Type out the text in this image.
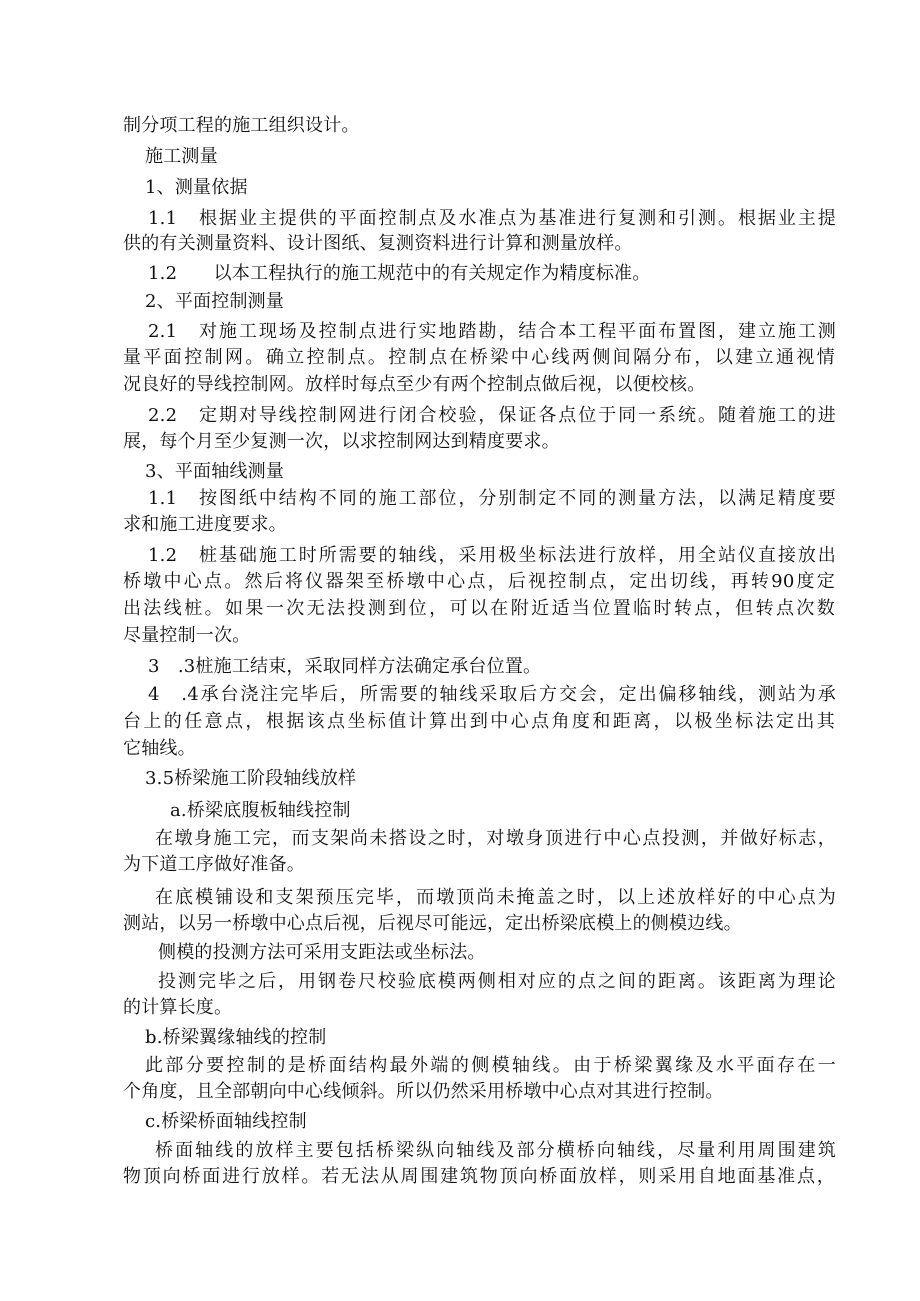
制分项工程的施工组织设计。
施工测量
1、测量依据
1.1　根据业主提供的平面控制点及水准点为基准进行复测和引测。根据业主提
供的有关测量资料、设计图纸、复测资料进行计算和测量放样。
1.2　　以本工程执行的施工规范中的有关规定作为精度标准。
2、平面控制测量
2.1　对施工现场及控制点进行实地踏勘，结合本工程平面布置图，建立施工测
量平面控制网。确立控制点。控制点在桥梁中心线两侧间隔分布，以建立通视情
况良好的导线控制网。放样时每点至少有两个控制点做后视，以便校核。
2.2　定期对导线控制网进行闭合校验，保证各点位于同一系统。随着施工的进
展，每个月至少复测一次，以求控制网达到精度要求。
3、平面轴线测量
1.1　按图纸中结构不同的施工部位，分别制定不同的测量方法，以满足精度要
求和施工进度要求。
1.2　桩基础施工时所需要的轴线，采用极坐标法进行放样，用全站仪直接放出
桥墩中心点。然后将仪器架至桥墩中心点，后视控制点，定出切线，再转90度定
出法线桩。如果一次无法投测到位，可以在附近适当位置临时转点，但转点次数
尽量控制一次。
3　.3桩施工结束，采取同样方法确定承台位置。
4　.4承台浇注完毕后，所需要的轴线采取后方交会，定出偏移轴线，测站为承
台上的任意点，根据该点坐标值计算出到中心点角度和距离，以极坐标法定出其
它轴线。
3.5桥梁施工阶段轴线放样
a.桥梁底腹板轴线控制
在墩身施工完，而支架尚未搭设之时，对墩身顶进行中心点投测，并做好标志，
为下道工序做好准备。
在底模铺设和支架预压完毕，而墩顶尚未掩盖之时，以上述放样好的中心点为
测站，以另一桥墩中心点后视，后视尽可能远，定出桥梁底模上的侧模边线。
侧模的投测方法可采用支距法或坐标法。
投测完毕之后，用钢卷尺校验底模两侧相对应的点之间的距离。该距离为理论
的计算长度。
b.桥梁翼缘轴线的控制
此部分要控制的是桥面结构最外端的侧模轴线。由于桥梁翼缘及水平面存在一
个角度，且全部朝向中心线倾斜。所以仍然采用桥墩中心点对其进行控制。
c.桥梁桥面轴线控制
桥面轴线的放样主要包括桥梁纵向轴线及部分横桥向轴线，尽量利用周围建筑
物顶向桥面进行放样。若无法从周围建筑物顶向桥面放样，则采用自地面基准点，
